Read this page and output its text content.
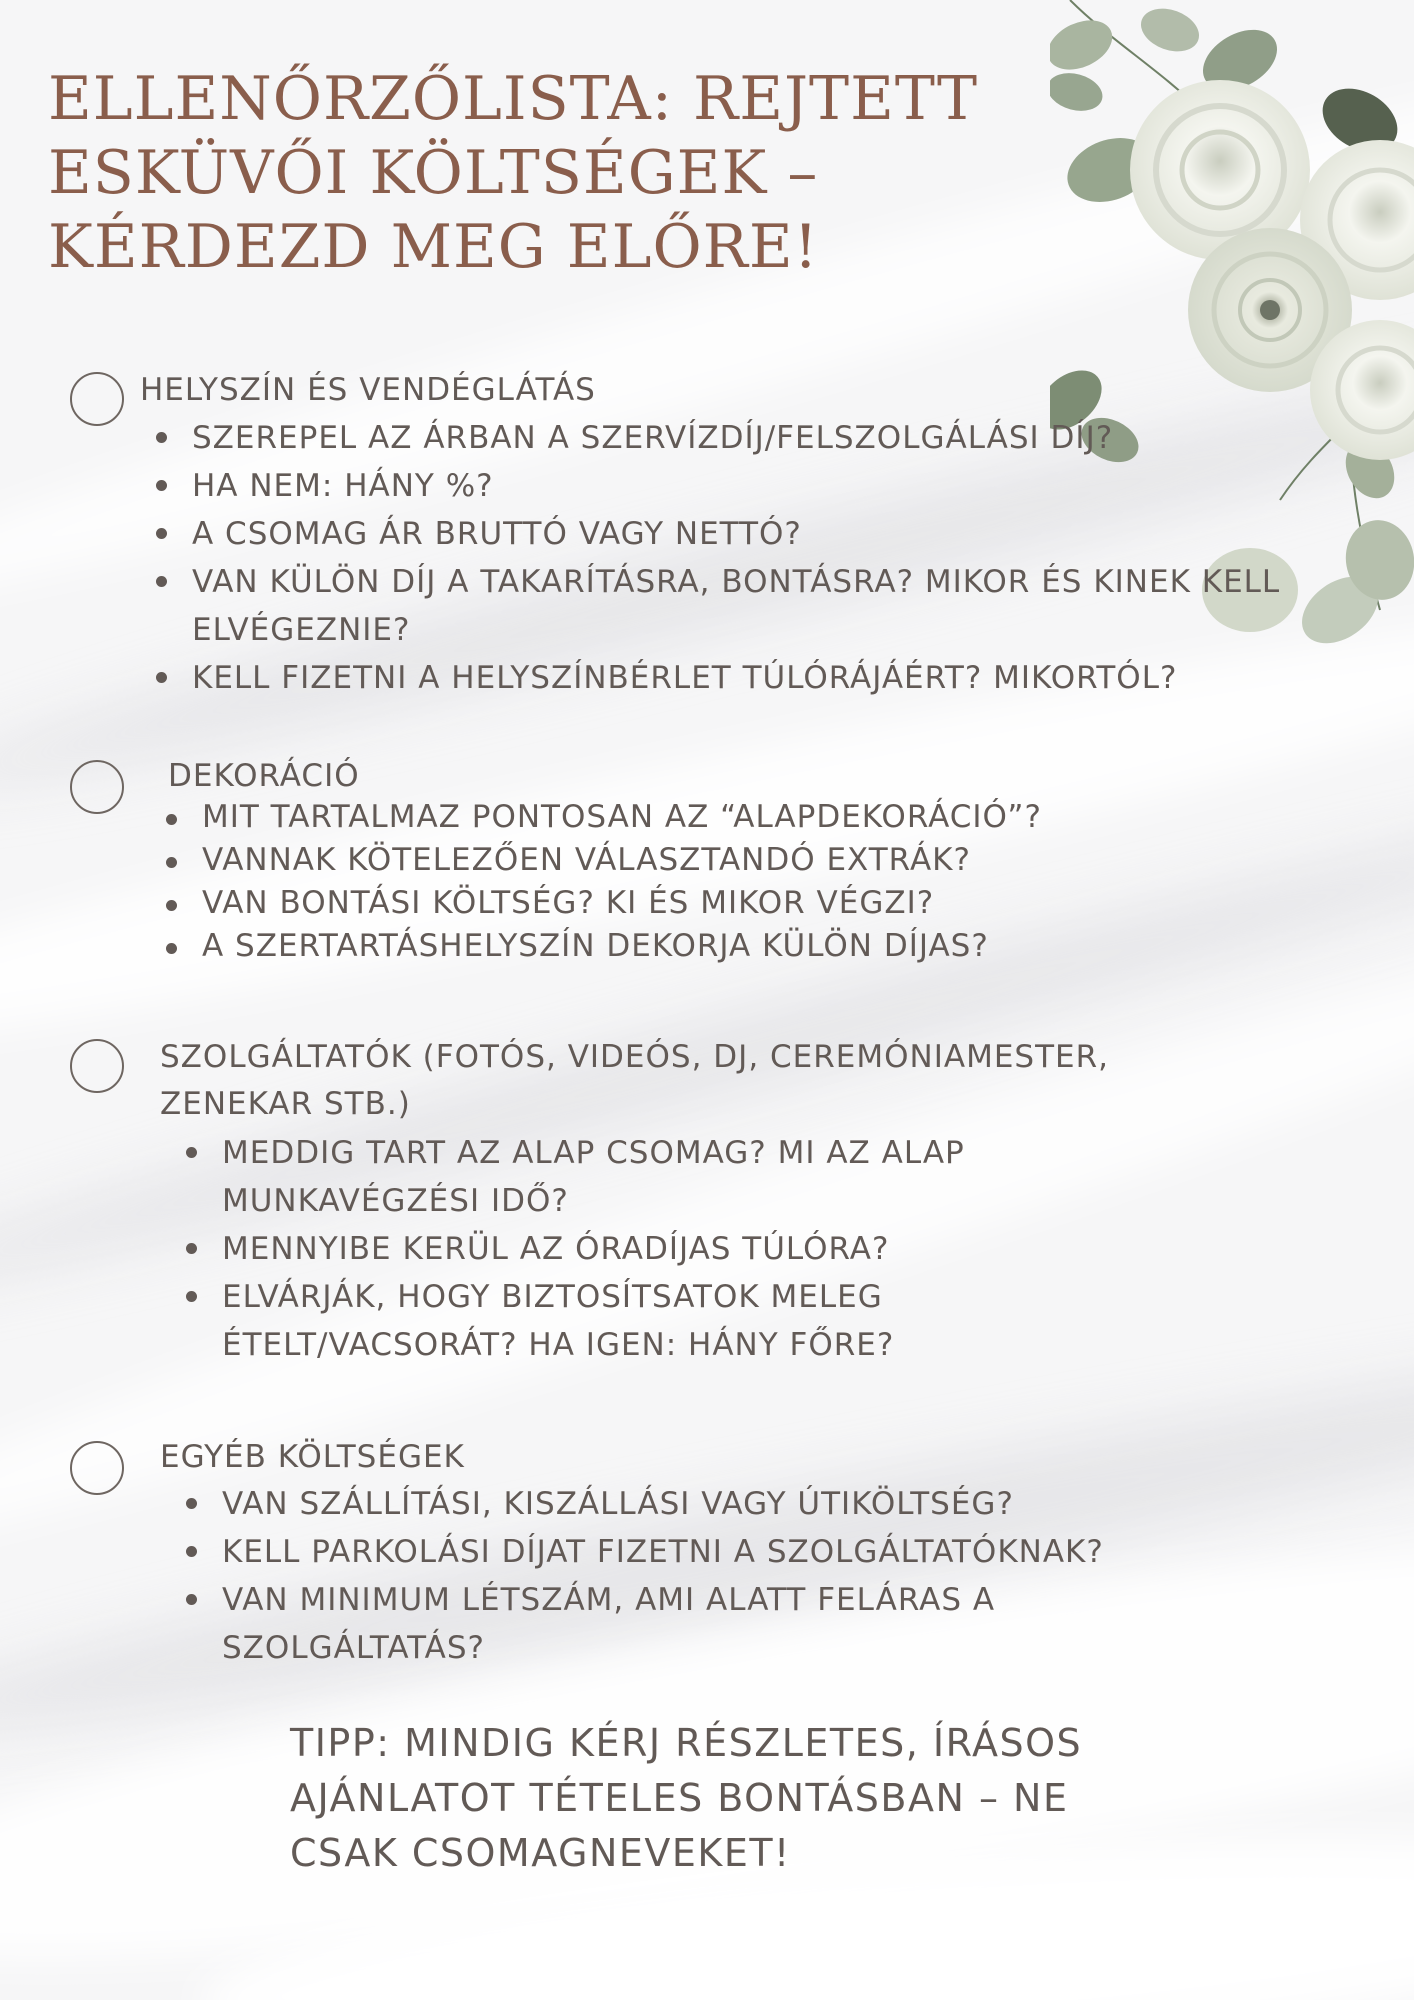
ELLENŐRZŐLISTA: REJTETT ESKÜVŐI KÖLTSÉGEK – KÉRDEZD MEG ELŐRE!
HELYSZÍN ÉS VENDÉGLÁTÁS
SZEREPEL AZ ÁRBAN A SZERVÍZDÍJ/FELSZOLGÁLÁSI DÍJ?
HA NEM: HÁNY %?
A CSOMAG ÁR BRUTTÓ VAGY NETTÓ?
VAN KÜLÖN DÍJ A TAKARÍTÁSRA, BONTÁSRA? MIKOR ÉS KINEK KELL ELVÉGEZNIE?
KELL FIZETNI A HELYSZÍNBÉRLET TÚLÓRÁJÁÉRT? MIKORTÓL?
DEKORÁCIÓ
MIT TARTALMAZ PONTOSAN AZ “ALAPDEKORÁCIÓ”?
VANNAK KÖTELEZŐEN VÁLASZTANDÓ EXTRÁK?
VAN BONTÁSI KÖLTSÉG? KI ÉS MIKOR VÉGZI?
A SZERTARTÁSHELYSZÍN DEKORJA KÜLÖN DÍJAS?
SZOLGÁLTATÓK (FOTÓS, VIDEÓS, DJ, CEREMÓNIAMESTER, ZENEKAR STB.)
MEDDIG TART AZ ALAP CSOMAG? MI AZ ALAP MUNKAVÉGZÉSI IDŐ?
MENNYIBE KERÜL AZ ÓRADÍJAS TÚLÓRA?
ELVÁRJÁK, HOGY BIZTOSÍTSATOK MELEG ÉTELT/VACSORÁT? HA IGEN: HÁNY FŐRE?
EGYÉB KÖLTSÉGEK
VAN SZÁLLÍTÁSI, KISZÁLLÁSI VAGY ÚTIKÖLTSÉG?
KELL PARKOLÁSI DÍJAT FIZETNI A SZOLGÁLTATÓKNAK?
VAN MINIMUM LÉTSZÁM, AMI ALATT FELÁRAS A SZOLGÁLTATÁS?

TIPP: MINDIG KÉRJ RÉSZLETES, ÍRÁSOS AJÁNLATOT TÉTELES BONTÁSBAN – NE CSAK CSOMAGNEVEKET!
